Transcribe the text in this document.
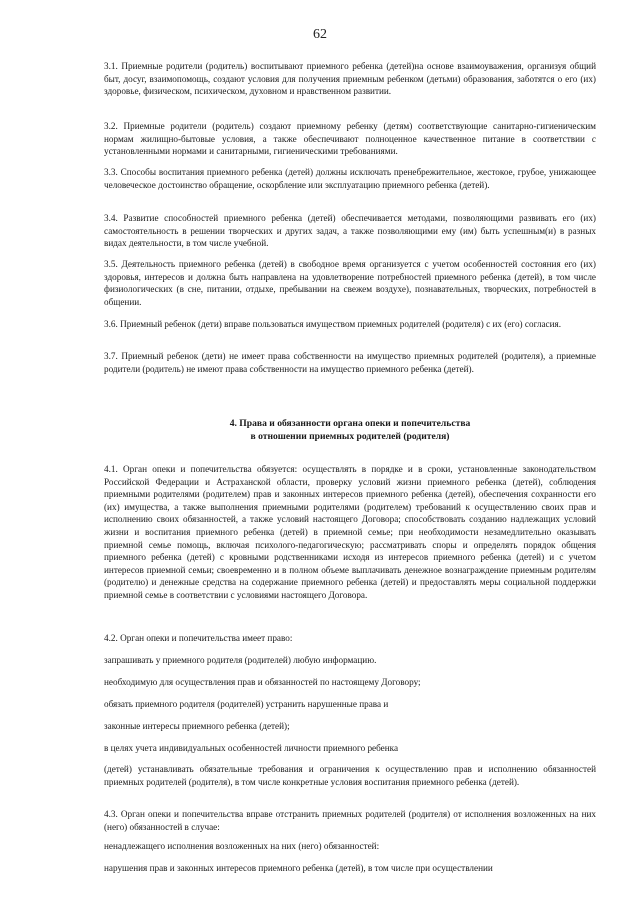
62

3.1. Приемные родители (родитель) воспитывают приемного ребенка (детей)на основе взаимоуважения, организуя общий быт, досуг, взаимопомощь, создают условия для получения приемным ребенком (детьми) образования, заботятся о его (их) здоровье, физическом, психическом, духовном и нравственном развитии.

3.2. Приемные родители (родитель) создают приемному ребенку (детям) соответствующие санитарно-гигиеническим нормам жилищно-бытовые условия, а также обеспечивают полноценное качественное питание в соответствии с установленными нормами и санитарными, гигиеническими требованиями.

3.3. Способы воспитания приемного ребенка (детей) должны исключать пренебрежительное, жестокое, грубое, унижающее человеческое достоинство обращение, оскорбление или эксплуатацию приемного ребенка (детей).

3.4. Развитие способностей приемного ребенка (детей) обеспечивается методами, позволяющими развивать его (их) самостоятельность в решении творческих и других задач, а также позволяющими ему (им) быть успешным(и) в разных видах деятельности, в том числе учебной.

3.5. Деятельность приемного ребенка (детей) в свободное время организуется с учетом особенностей состояния его (их) здоровья, интересов и должна быть направлена на удовлетворение потребностей приемного ребенка (детей), в том числе физиологических (в сне, питании, отдыхе, пребывании на свежем воздухе), познавательных, творческих, потребностей в общении.

3.6. Приемный ребенок (дети) вправе пользоваться имуществом приемных родителей (родителя) с их (его) согласия.

3.7. Приемный ребенок (дети) не имеет права собственности на имущество приемных родителей (родителя), а приемные родители (родитель) не имеют права собственности на имущество приемного ребенка (детей).

4. Права и обязанности органа опеки и попечительства

в отношении приемных родителей (родителя)

4.1. Орган опеки и попечительства обязуется: осуществлять в порядке и в сроки, установленные законодательством Российской Федерации и Астраханской области, проверку условий жизни приемного ребенка (детей), соблюдения приемными родителями (родителем) прав и законных интересов приемного ребенка (детей), обеспечения сохранности его (их) имущества, а также выполнения приемными родителями (родителем) требований к осуществлению своих прав и исполнению своих обязанностей, а также условий настоящего Договора; способствовать созданию надлежащих условий жизни и воспитания приемного ребенка (детей) в приемной семье; при необходимости незамедлительно оказывать приемной семье помощь, включая психолого-педагогическую; рассматривать споры и определять порядок общения приемного ребенка (детей) с кровными родственниками исходя из интересов приемного ребенка (детей) и с учетом интересов приемной семьи; своевременно и в полном объеме выплачивать денежное вознаграждение приемным родителям (родителю) и денежные средства на содержание приемного ребенка (детей) и предоставлять меры социальной поддержки приемной семье в соответствии с условиями настоящего Договора.

4.2. Орган опеки и попечительства имеет право:

запрашивать у приемного родителя (родителей) любую информацию.

необходимую для осуществления прав и обязанностей по настоящему Договору;

обязать приемного родителя (родителей) устранить нарушенные права и

законные интересы приемного ребенка (детей);

в целях учета индивидуальных особенностей личности приемного ребенка

(детей) устанавливать обязательные требования и ограничения к осуществлению прав и исполнению обязанностей приемных родителей (родителя), в том числе конкретные условия воспитания приемного ребенка (детей).

4.3. Орган опеки и попечительства вправе отстранить приемных родителей (родителя) от исполнения возложенных на них (него) обязанностей в случае:

ненадлежащего исполнения возложенных на них (него) обязанностей:

нарушения прав и законных интересов приемного ребенка (детей), в том числе при осуществлении
